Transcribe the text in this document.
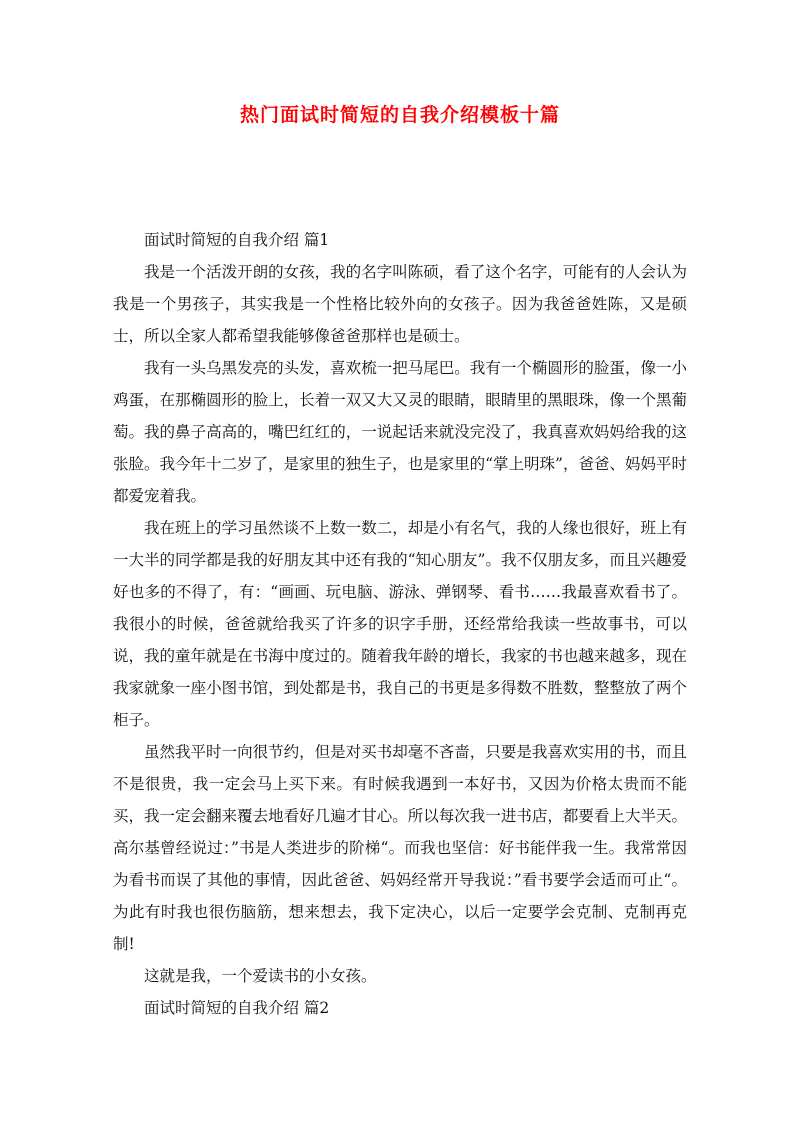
热门面试时简短的自我介绍模板十篇

面试时简短的自我介绍 篇1

我是一个活泼开朗的女孩，我的名字叫陈硕，看了这个名字，可能有的人会认为我是一个男孩子，其实我是一个性格比较外向的女孩子。因为我爸爸姓陈，又是硕士，所以全家人都希望我能够像爸爸那样也是硕士。

我有一头乌黑发亮的头发，喜欢梳一把马尾巴。我有一个椭圆形的脸蛋，像一小鸡蛋，在那椭圆形的脸上，长着一双又大又灵的眼睛，眼睛里的黑眼珠，像一个黑葡萄。我的鼻子高高的，嘴巴红红的，一说起话来就没完没了，我真喜欢妈妈给我的这张脸。我今年十二岁了，是家里的独生子，也是家里的“掌上明珠”，爸爸、妈妈平时都爱宠着我。

我在班上的学习虽然谈不上数一数二，却是小有名气，我的人缘也很好，班上有一大半的同学都是我的好朋友其中还有我的“知心朋友”。我不仅朋友多，而且兴趣爱好也多的不得了，有：“画画、玩电脑、游泳、弹钢琴、看书……我最喜欢看书了。我很小的时候，爸爸就给我买了许多的识字手册，还经常给我读一些故事书，可以说，我的童年就是在书海中度过的。随着我年龄的增长，我家的书也越来越多，现在我家就象一座小图书馆，到处都是书，我自己的书更是多得数不胜数，整整放了两个柜子。

虽然我平时一向很节约，但是对买书却毫不吝啬，只要是我喜欢实用的书，而且不是很贵，我一定会马上买下来。有时候我遇到一本好书，又因为价格太贵而不能买，我一定会翻来覆去地看好几遍才甘心。所以每次我一进书店，都要看上大半天。高尔基曾经说过：”书是人类进步的阶梯“。而我也坚信：好书能伴我一生。我常常因为看书而误了其他的事情，因此爸爸、妈妈经常开导我说：”看书要学会适而可止“。为此有时我也很伤脑筋，想来想去，我下定决心，以后一定要学会克制、克制再克制!

这就是我，一个爱读书的小女孩。

面试时简短的自我介绍 篇2
